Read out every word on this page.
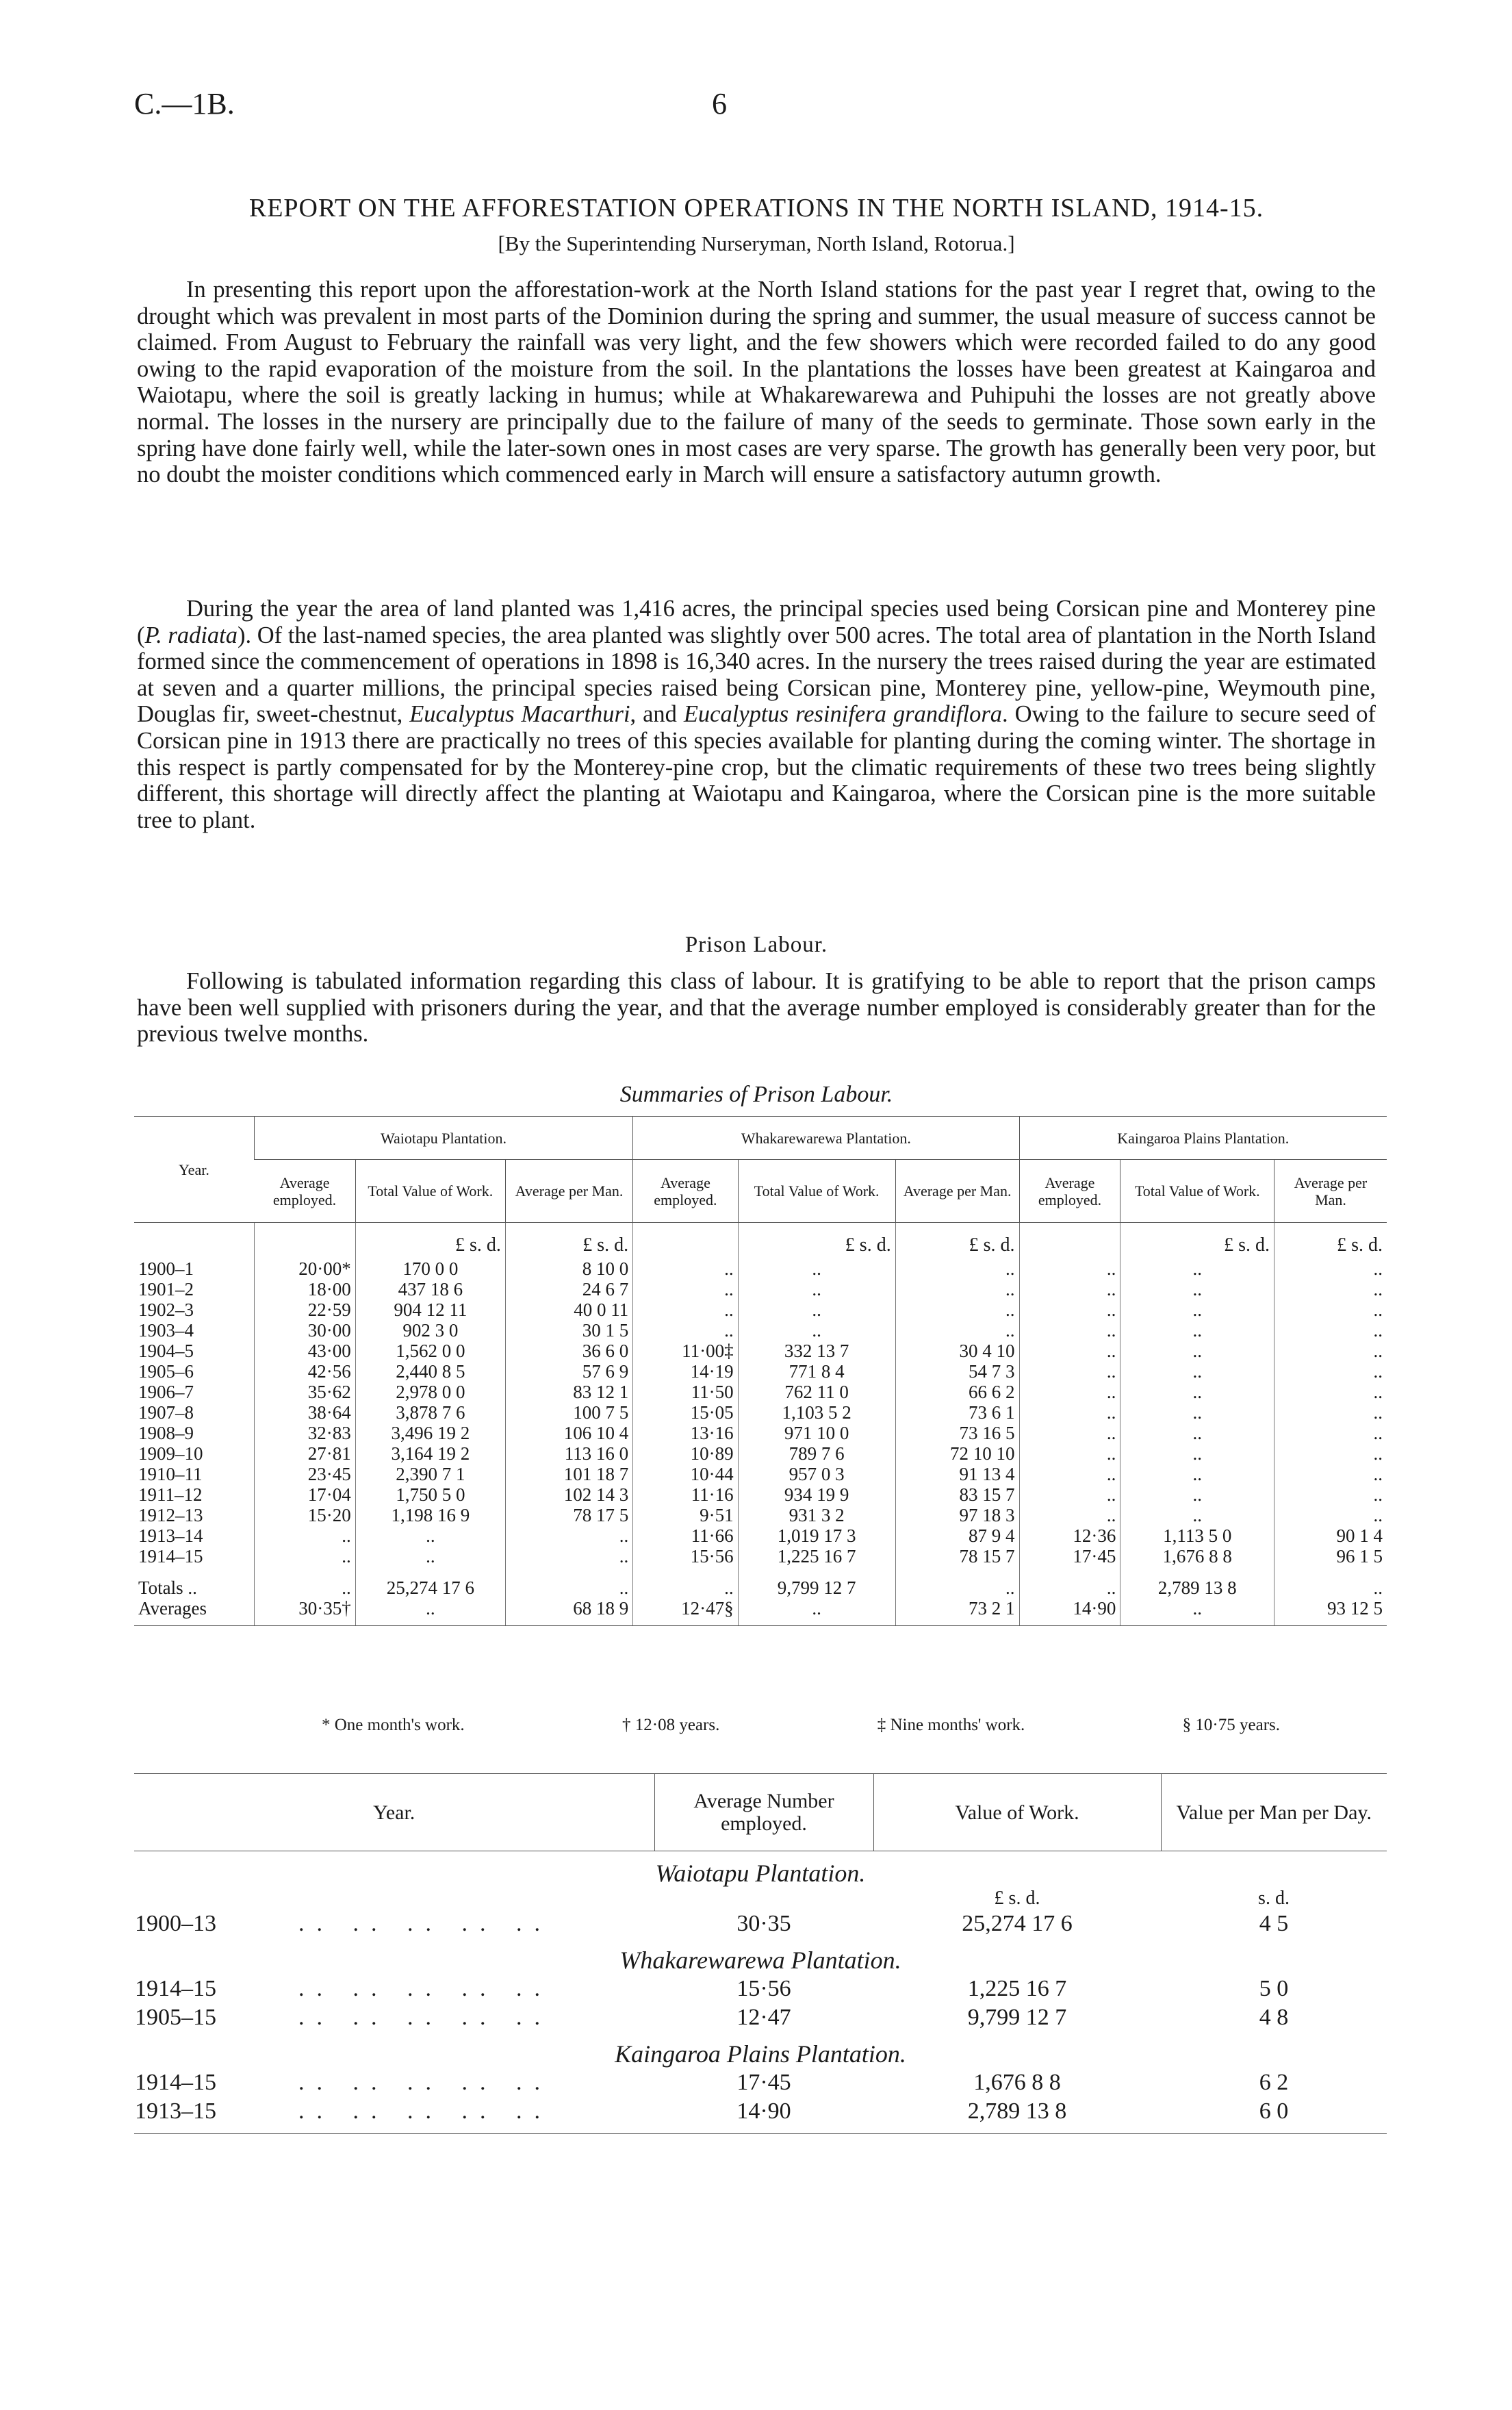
C.—1B.	6
REPORT ON THE AFFORESTATION OPERATIONS IN THE NORTH ISLAND, 1914-15.
[By the Superintending Nurseryman, North Island, Rotorua.]

In presenting this report upon the afforestation-work at the North Island stations for the past year I regret that, owing to the drought which was prevalent in most parts of the Dominion during the spring and summer, the usual measure of success cannot be claimed. From August to February the rainfall was very light, and the few showers which were recorded failed to do any good owing to the rapid evaporation of the moisture from the soil. In the plantations the losses have been greatest at Kaingaroa and Waiotapu, where the soil is greatly lacking in humus; while at Whakarewarewa and Puhipuhi the losses are not greatly above normal. The losses in the nursery are principally due to the failure of many of the seeds to germinate. Those sown early in the spring have done fairly well, while the later-sown ones in most cases are very sparse. The growth has generally been very poor, but no doubt the moister conditions which commenced early in March will ensure a satisfactory autumn growth.

During the year the area of land planted was 1,416 acres, the principal species used being Corsican pine and Monterey pine (P. radiata). Of the last-named species, the area planted was slightly over 500 acres. The total area of plantation in the North Island formed since the commencement of operations in 1898 is 16,340 acres. In the nursery the trees raised during the year are estimated at seven and a quarter millions, the principal species raised being Corsican pine, Monterey pine, yellow-pine, Weymouth pine, Douglas fir, sweet-chestnut, Eucalyptus Macarthuri, and Eucalyptus resinifera grandiflora. Owing to the failure to secure seed of Corsican pine in 1913 there are practically no trees of this species available for planting during the coming winter. The shortage in this respect is partly compensated for by the Monterey-pine crop, but the climatic requirements of these two trees being slightly different, this shortage will directly affect the planting at Waiotapu and Kaingaroa, where the Corsican pine is the more suitable tree to plant.

Prison Labour.

Following is tabulated information regarding this class of labour. It is gratifying to be able to report that the prison camps have been well supplied with prisoners during the year, and that the average number employed is considerably greater than for the previous twelve months.

Summaries of Prison Labour.
Year.	Waiotapu Plantation.			Whakarewarewa Plantation.			Kaingaroa Plains Plantation.		
	Average employed.	Total Value of Work.	Average per Man.	Average employed.	Total Value of Work.	Average per Man.	Average employed.	Total Value of Work.	Average per Man.
		£ s. d.	£ s. d.		£ s. d.	£ s. d.		£ s. d.	£ s. d.
1900–1	20·00*	170 0 0	8 10 0	..	..	..	..	..	..
1901–2	18·00	437 18 6	24 6 7	..	..	..	..	..	..
1902–3	22·59	904 12 11	40 0 11	..	..	..	..	..	..
1903–4	30·00	902 3 0	30 1 5	..	..	..	..	..	..
1904–5	43·00	1,562 0 0	36 6 0	11·00‡	332 13 7	30 4 10	..	..	..
1905–6	42·56	2,440 8 5	57 6 9	14·19	771 8 4	54 7 3	..	..	..
1906–7	35·62	2,978 0 0	83 12 1	11·50	762 11 0	66 6 2	..	..	..
1907–8	38·64	3,878 7 6	100 7 5	15·05	1,103 5 2	73 6 1	..	..	..
1908–9	32·83	3,496 19 2	106 10 4	13·16	971 10 0	73 16 5	..	..	..
1909–10	27·81	3,164 19 2	113 16 0	10·89	789 7 6	72 10 10	..	..	..
1910–11	23·45	2,390 7 1	101 18 7	10·44	957 0 3	91 13 4	..	..	..
1911–12	17·04	1,750 5 0	102 14 3	11·16	934 19 9	83 15 7	..	..	..
1912–13	15·20	1,198 16 9	78 17 5	9·51	931 3 2	97 18 3	..	..	..
1913–14	..	..	..	11·66	1,019 17 3	87 9 4	12·36	1,113 5 0	90 1 4
1914–15	..	..	..	15·56	1,225 16 7	78 15 7	17·45	1,676 8 8	96 1 5
Totals ..	..	25,274 17 6	..	..	9,799 12 7	..	..	2,789 13 8	..
Averages	30·35†	..	68 18 9	12·47§	..	73 2 1	14·90	..	93 12 5
* One month's work.	† 12·08 years.	‡ Nine months' work.	§ 10·75 years.
Year.	Average Number employed.	Value of Work.	Value per Man per Day.
Waiotapu Plantation.			
		£ s. d.	s. d.
1900–13 .. .. .. .. ..	30·35	25,274 17 6	4 5
Whakarewarewa Plantation.			
1914–15 .. .. .. .. ..	15·56	1,225 16 7	5 0
1905–15 .. .. .. .. ..	12·47	9,799 12 7	4 8
Kaingaroa Plains Plantation.			
1914–15 .. .. .. .. ..	17·45	1,676 8 8	6 2
1913–15 .. .. .. .. ..	14·90	2,789 13 8	6 0
